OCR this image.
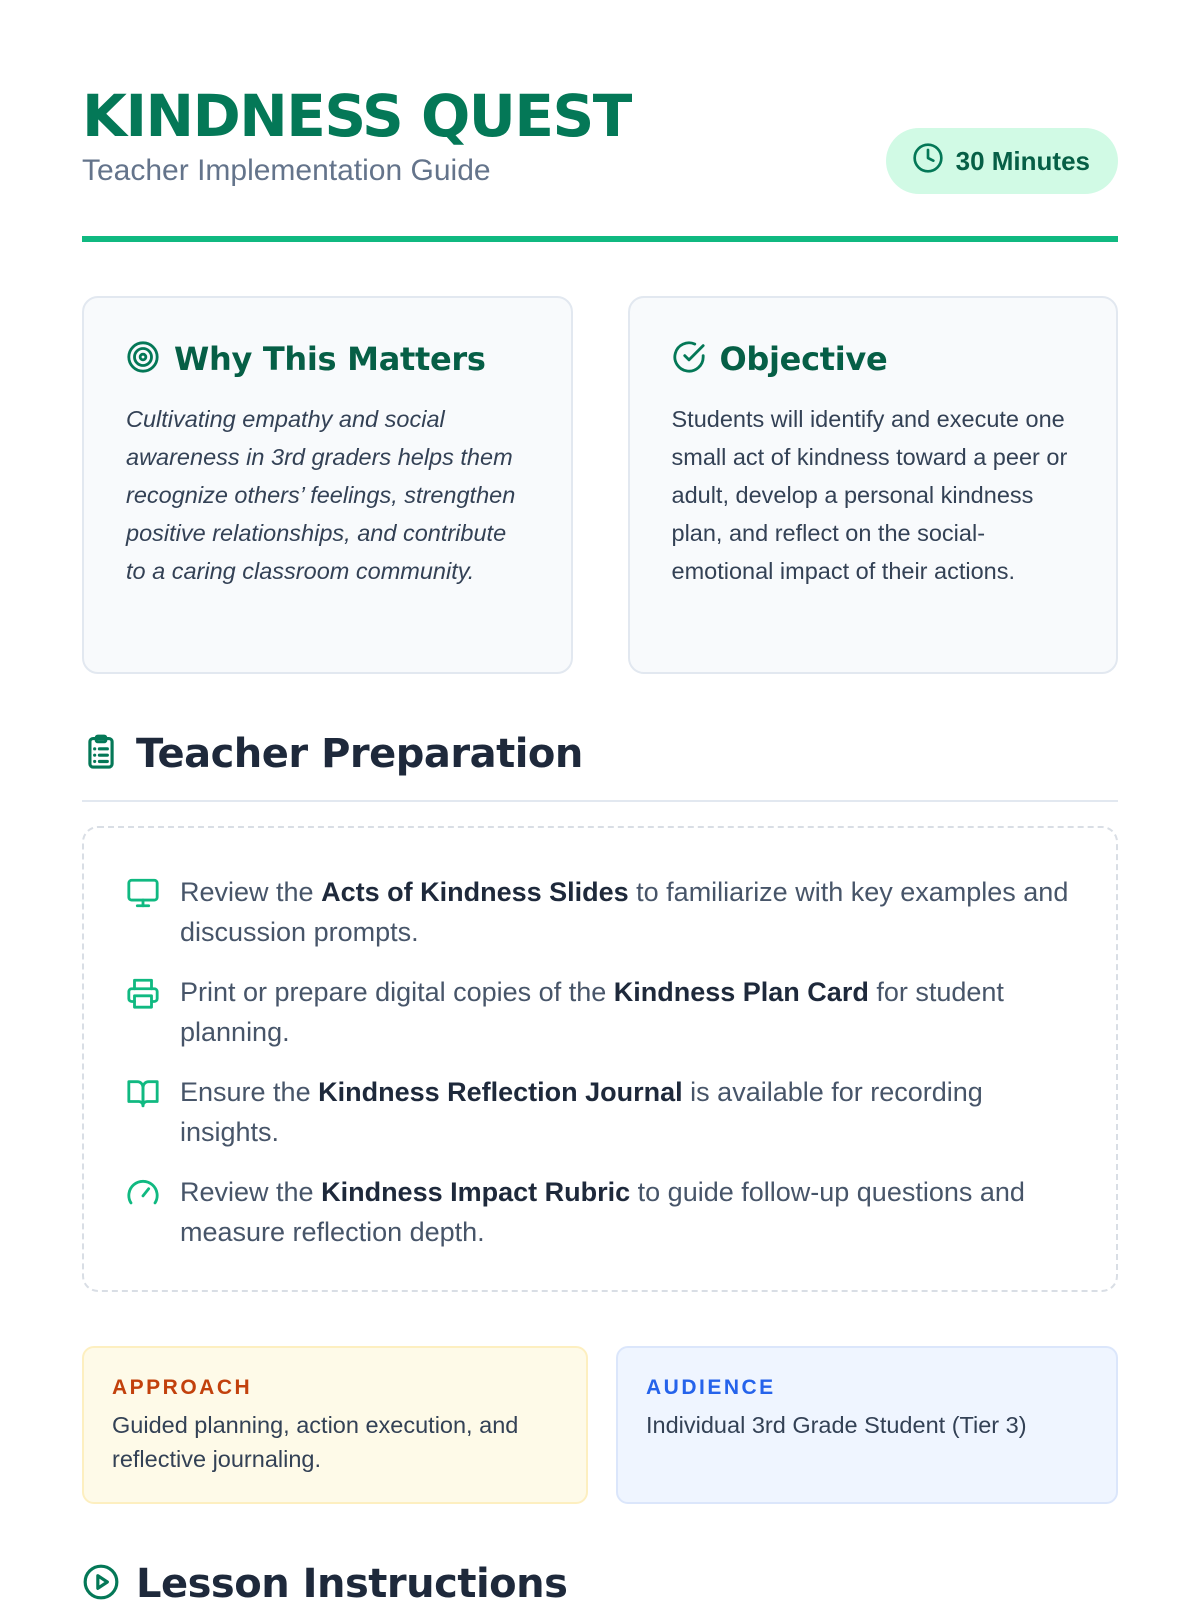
KINDNESS QUEST
Teacher Implementation Guide	30 Minutes
Why This Matters

Cultivating empathy and social awareness in 3rd graders helps them recognize others’ feelings, strengthen positive relationships, and contribute to a caring classroom community.

Objective

Students will identify and execute one small act of kindness toward a peer or adult, develop a personal kindness plan, and reflect on the social-emotional impact of their actions.

Teacher Preparation

Review the Acts of Kindness Slides to familiarize with key examples and discussion prompts.

Print or prepare digital copies of the Kindness Plan Card for student planning.

Ensure the Kindness Reflection Journal is available for recording insights.

Review the Kindness Impact Rubric to guide follow-up questions and measure reflection depth.

APPROACH

Guided planning, action execution, and reflective journaling.

AUDIENCE

Individual 3rd Grade Student (Tier 3)

Lesson Instructions
